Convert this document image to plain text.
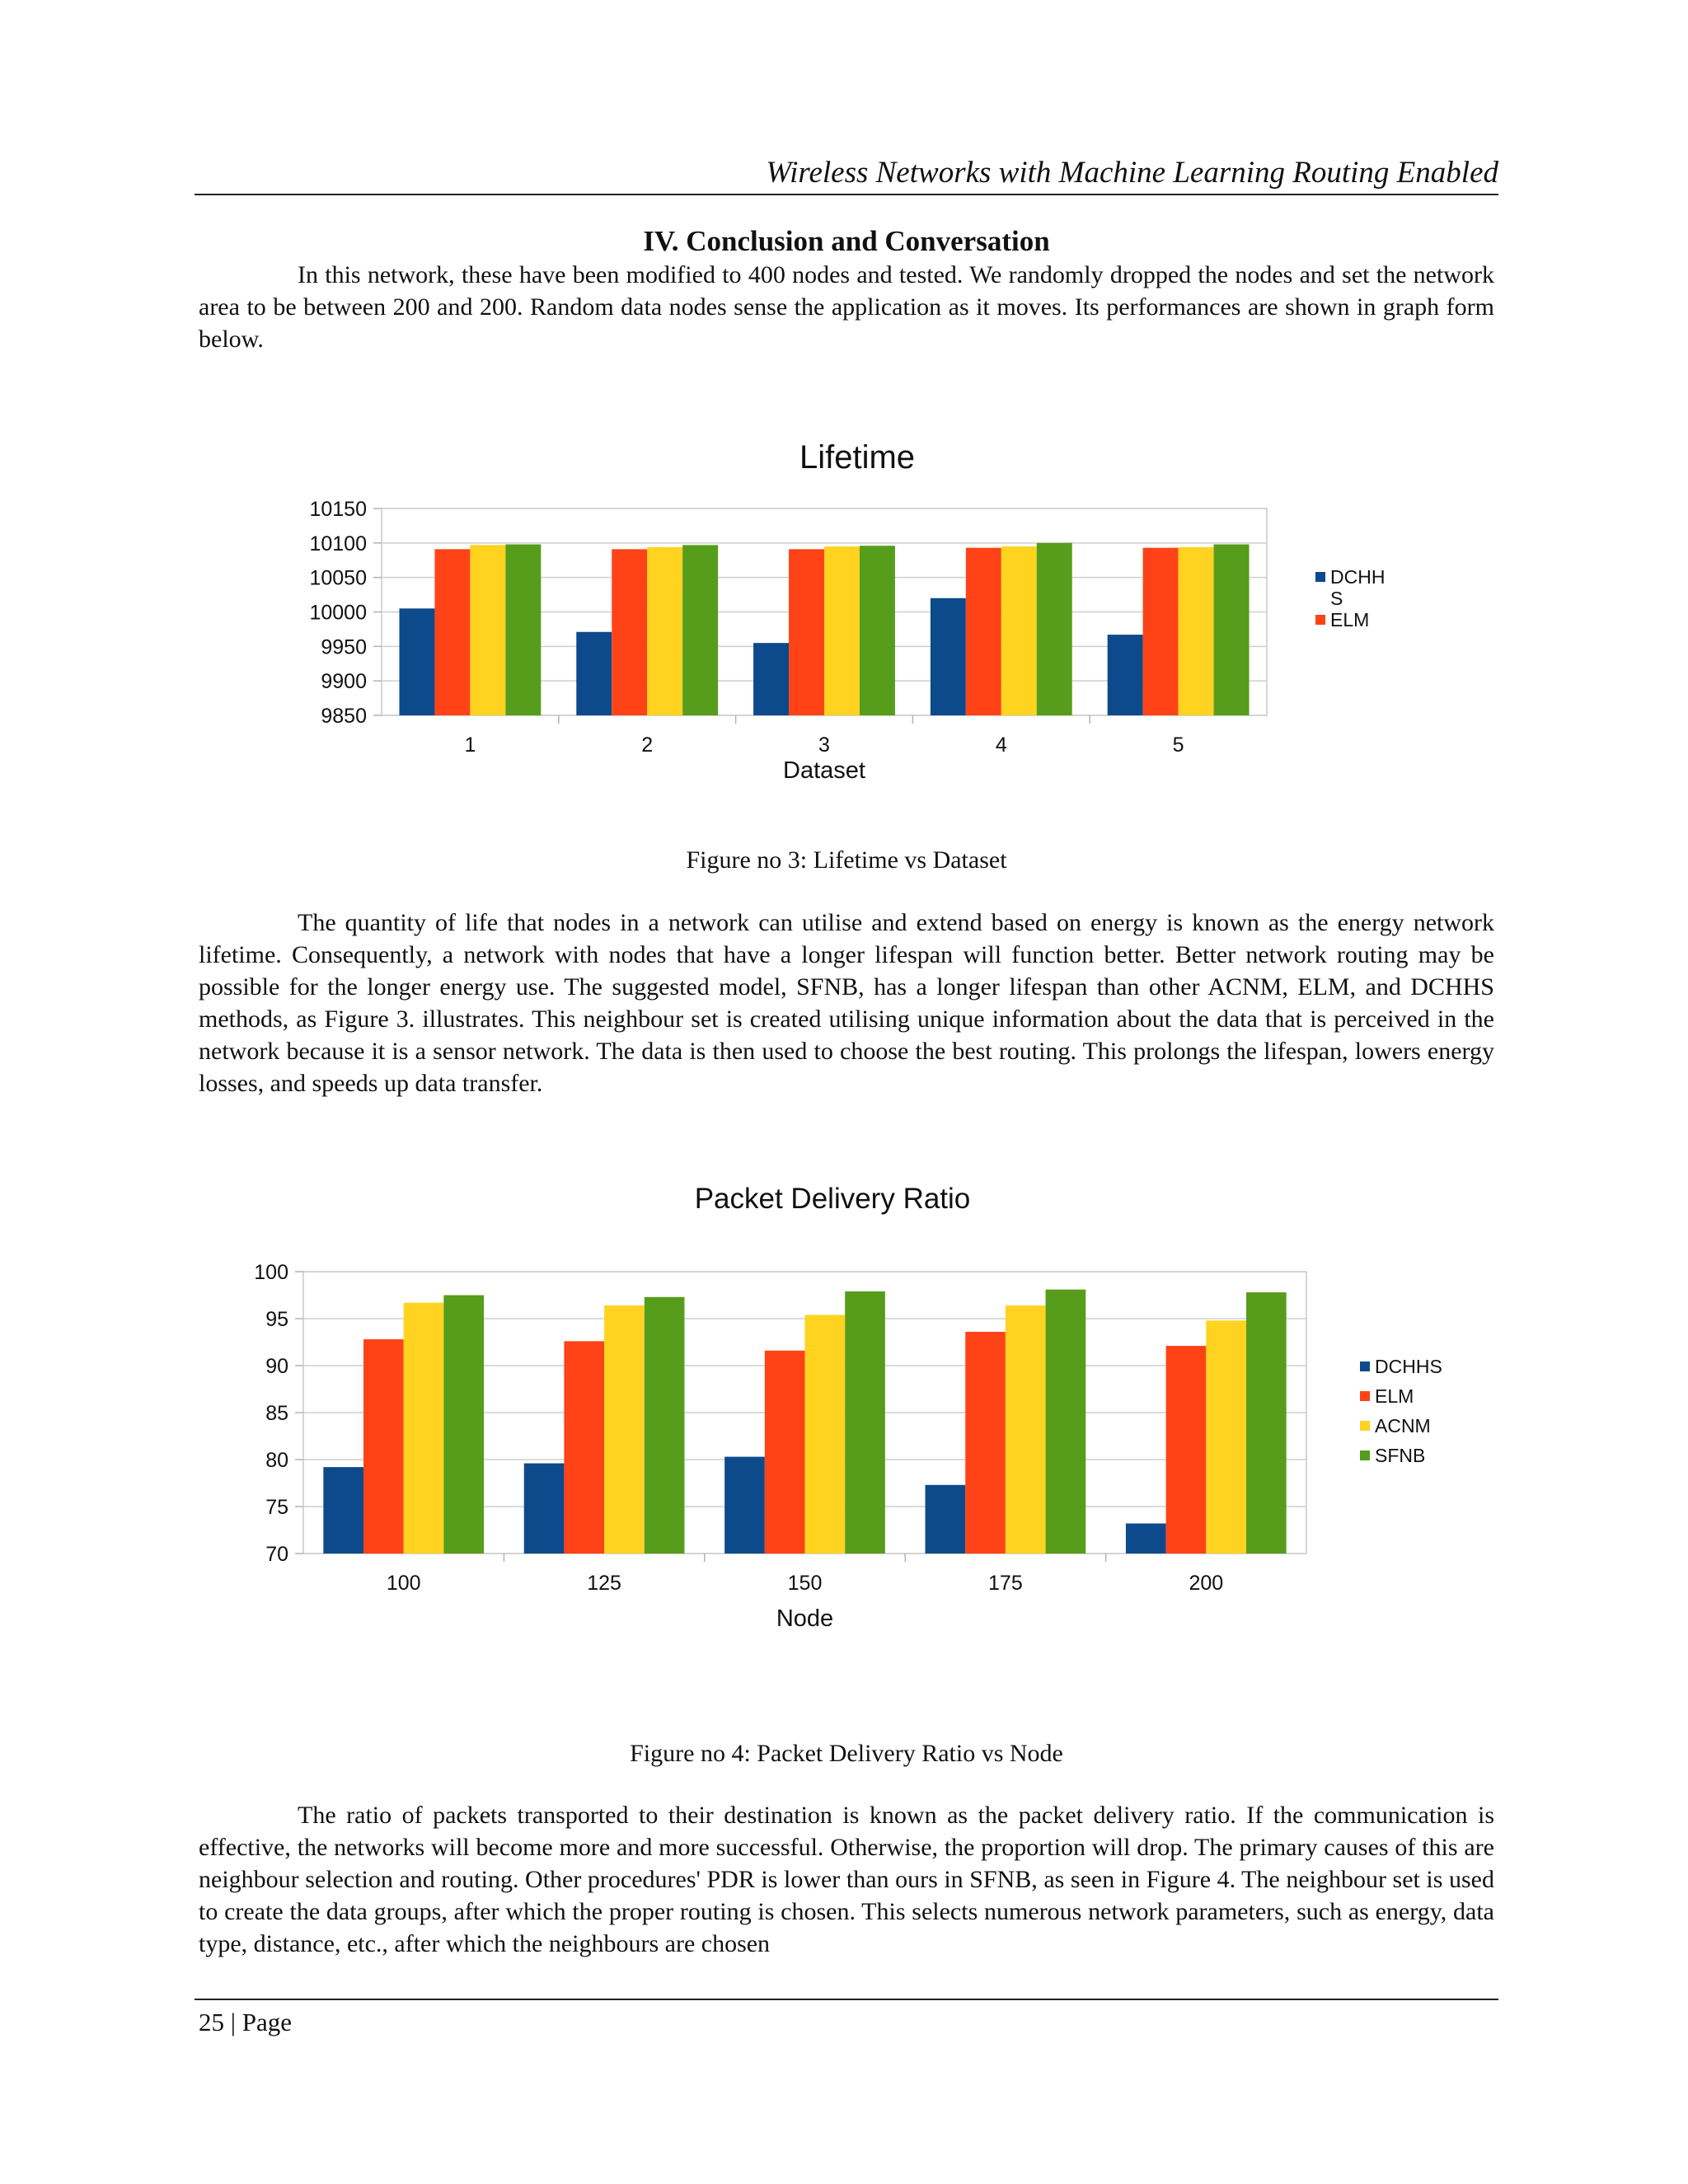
Wireless Networks with Machine Learning Routing Enabled
IV. Conclusion and Conversation

In this network, these have been modified to 400 nodes and tested. We randomly dropped the nodes and set the network area to be between 200 and 200. Random data nodes sense the application as it moves. Its performances are shown in graph form below.

Lifetime
9850
9900
9950
10000
10050
10100
10150
1	2	3	4	5
Dataset
DCHH S
ELM
Figure no 3: Lifetime vs Dataset

The quantity of life that nodes in a network can utilise and extend based on energy is known as the energy network lifetime. Consequently, a network with nodes that have a longer lifespan will function better. Better network routing may be possible for the longer energy use. The suggested model, SFNB, has a longer lifespan than other ACNM, ELM, and DCHHS methods, as Figure 3. illustrates. This neighbour set is created utilising unique information about the data that is perceived in the network because it is a sensor network. The data is then used to choose the best routing. This prolongs the lifespan, lowers energy losses, and speeds up data transfer.

Packet Delivery Ratio
70
75
80
85
90
95
100
100	125	150	175	200
Node
DCHHS
ELM
ACNM
SFNB
Figure no 4: Packet Delivery Ratio vs Node

The ratio of packets transported to their destination is known as the packet delivery ratio. If the communication is effective, the networks will become more and more successful. Otherwise, the proportion will drop. The primary causes of this are neighbour selection and routing. Other procedures' PDR is lower than ours in SFNB, as seen in Figure 4. The neighbour set is used to create the data groups, after which the proper routing is chosen. This selects numerous network parameters, such as energy, data type, distance, etc., after which the neighbours are chosen

25 | Page
